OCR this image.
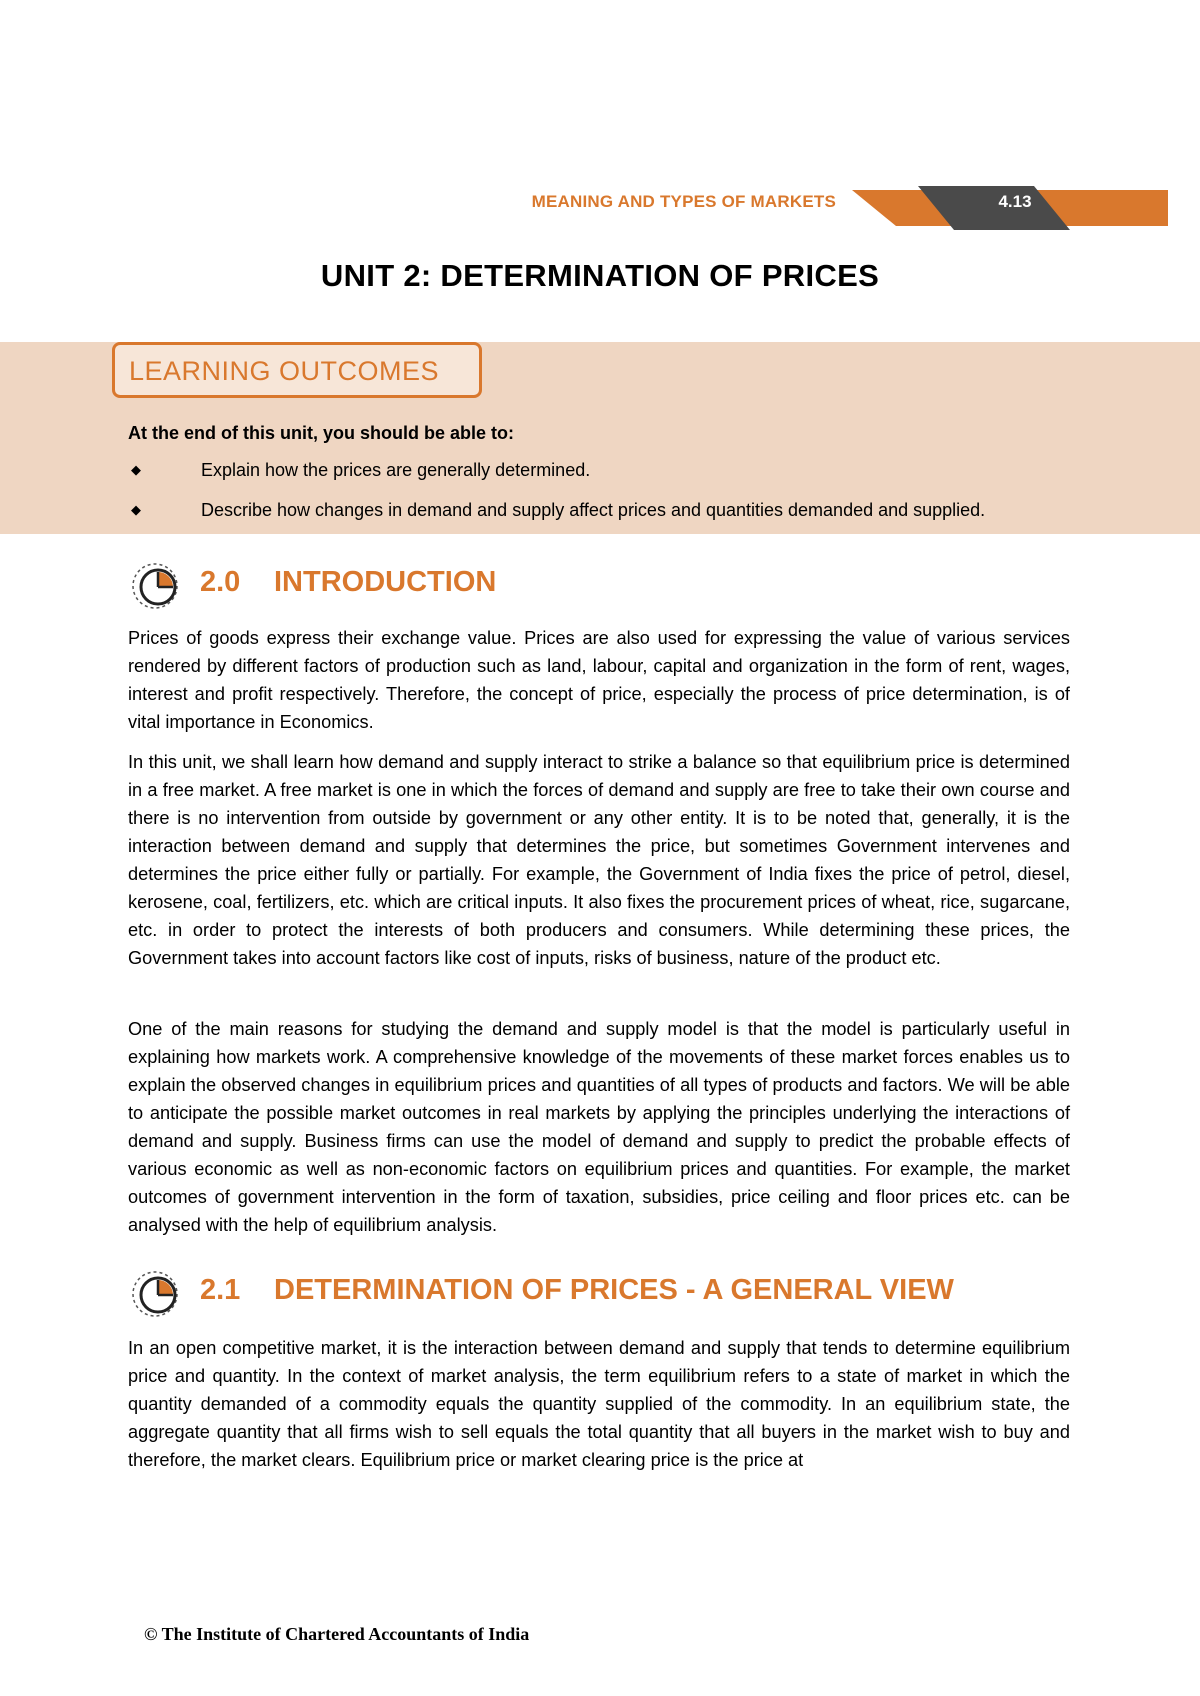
MEANING AND TYPES OF MARKETS	4.13
UNIT 2: DETERMINATION OF PRICES
LEARNING OUTCOMES
At the end of this unit, you should be able to:
◆	Explain how the prices are generally determined.
◆	Describe how changes in demand and supply affect prices and quantities demanded and supplied.
2.0 INTRODUCTION

Prices of goods express their exchange value. Prices are also used for expressing the value of various services rendered by different factors of production such as land, labour, capital and organization in the form of rent, wages, interest and profit respectively. Therefore, the concept of price, especially the process of price determination, is of vital importance in Economics.

In this unit, we shall learn how demand and supply interact to strike a balance so that equilibrium price is determined in a free market. A free market is one in which the forces of demand and supply are free to take their own course and there is no intervention from outside by government or any other entity. It is to be noted that, generally, it is the interaction between demand and supply that determines the price, but sometimes Government intervenes and determines the price either fully or partially. For example, the Government of India fixes the price of petrol, diesel, kerosene, coal, fertilizers, etc. which are critical inputs. It also fixes the procurement prices of wheat, rice, sugarcane, etc. in order to protect the interests of both producers and consumers. While determining these prices, the Government takes into account factors like cost of inputs, risks of business, nature of the product etc.

One of the main reasons for studying the demand and supply model is that the model is particularly useful in explaining how markets work. A comprehensive knowledge of the movements of these market forces enables us to explain the observed changes in equilibrium prices and quantities of all types of products and factors. We will be able to anticipate the possible market outcomes in real markets by applying the principles underlying the interactions of demand and supply. Business firms can use the model of demand and supply to predict the probable effects of various economic as well as non-economic factors on equilibrium prices and quantities. For example, the market outcomes of government intervention in the form of taxation, subsidies, price ceiling and floor prices etc. can be analysed with the help of equilibrium analysis.

2.1 DETERMINATION OF PRICES - A GENERAL VIEW

In an open competitive market, it is the interaction between demand and supply that tends to determine equilibrium price and quantity. In the context of market analysis, the term equilibrium refers to a state of market in which the quantity demanded of a commodity equals the quantity supplied of the commodity. In an equilibrium state, the aggregate quantity that all firms wish to sell equals the total quantity that all buyers in the market wish to buy and therefore, the market clears. Equilibrium price or market clearing price is the price at

© The Institute of Chartered Accountants of India
